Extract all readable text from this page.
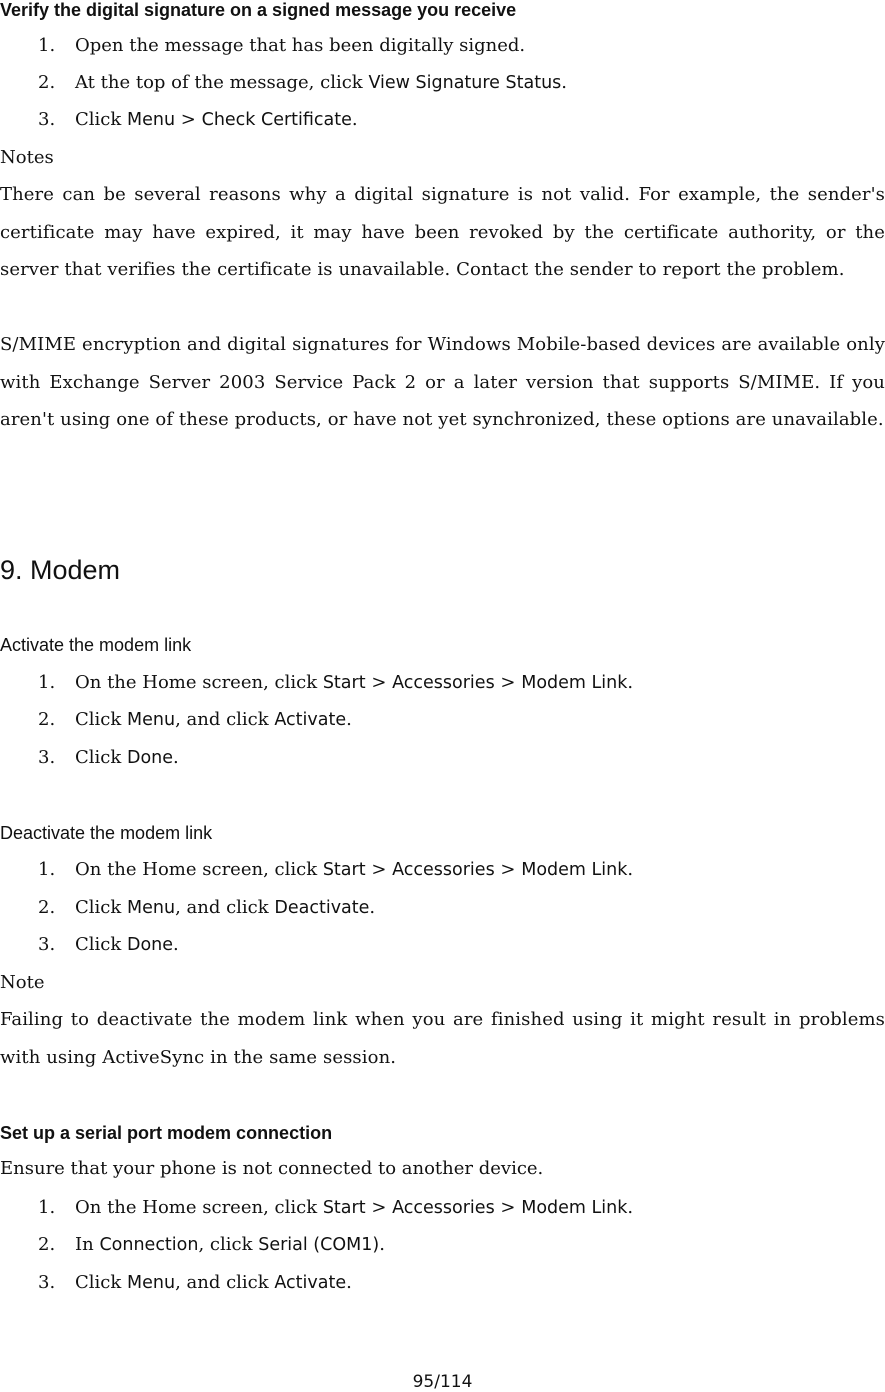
Verify the digital signature on a signed message you receive
1. Open the message that has been digitally signed.
2. At the top of the message, click View Signature Status.
3. Click Menu > Check Certificate.
Notes
There can be several reasons why a digital signature is not valid. For example, the sender's certificate may have expired, it may have been revoked by the certificate authority, or the server that verifies the certificate is unavailable. Contact the sender to report the problem.
S/MIME encryption and digital signatures for Windows Mobile-based devices are available only with Exchange Server 2003 Service Pack 2 or a later version that supports S/MIME. If you aren't using one of these products, or have not yet synchronized, these options are unavailable.
9. Modem
Activate the modem link
1. On the Home screen, click Start > Accessories > Modem Link.
2. Click Menu, and click Activate.
3. Click Done.
Deactivate the modem link
1. On the Home screen, click Start > Accessories > Modem Link.
2. Click Menu, and click Deactivate.
3. Click Done.
Note
Failing to deactivate the modem link when you are finished using it might result in problems with using ActiveSync in the same session.
Set up a serial port modem connection
Ensure that your phone is not connected to another device.
1. On the Home screen, click Start > Accessories > Modem Link.
2. In Connection, click Serial (COM1).
3. Click Menu, and click Activate.
95/114
